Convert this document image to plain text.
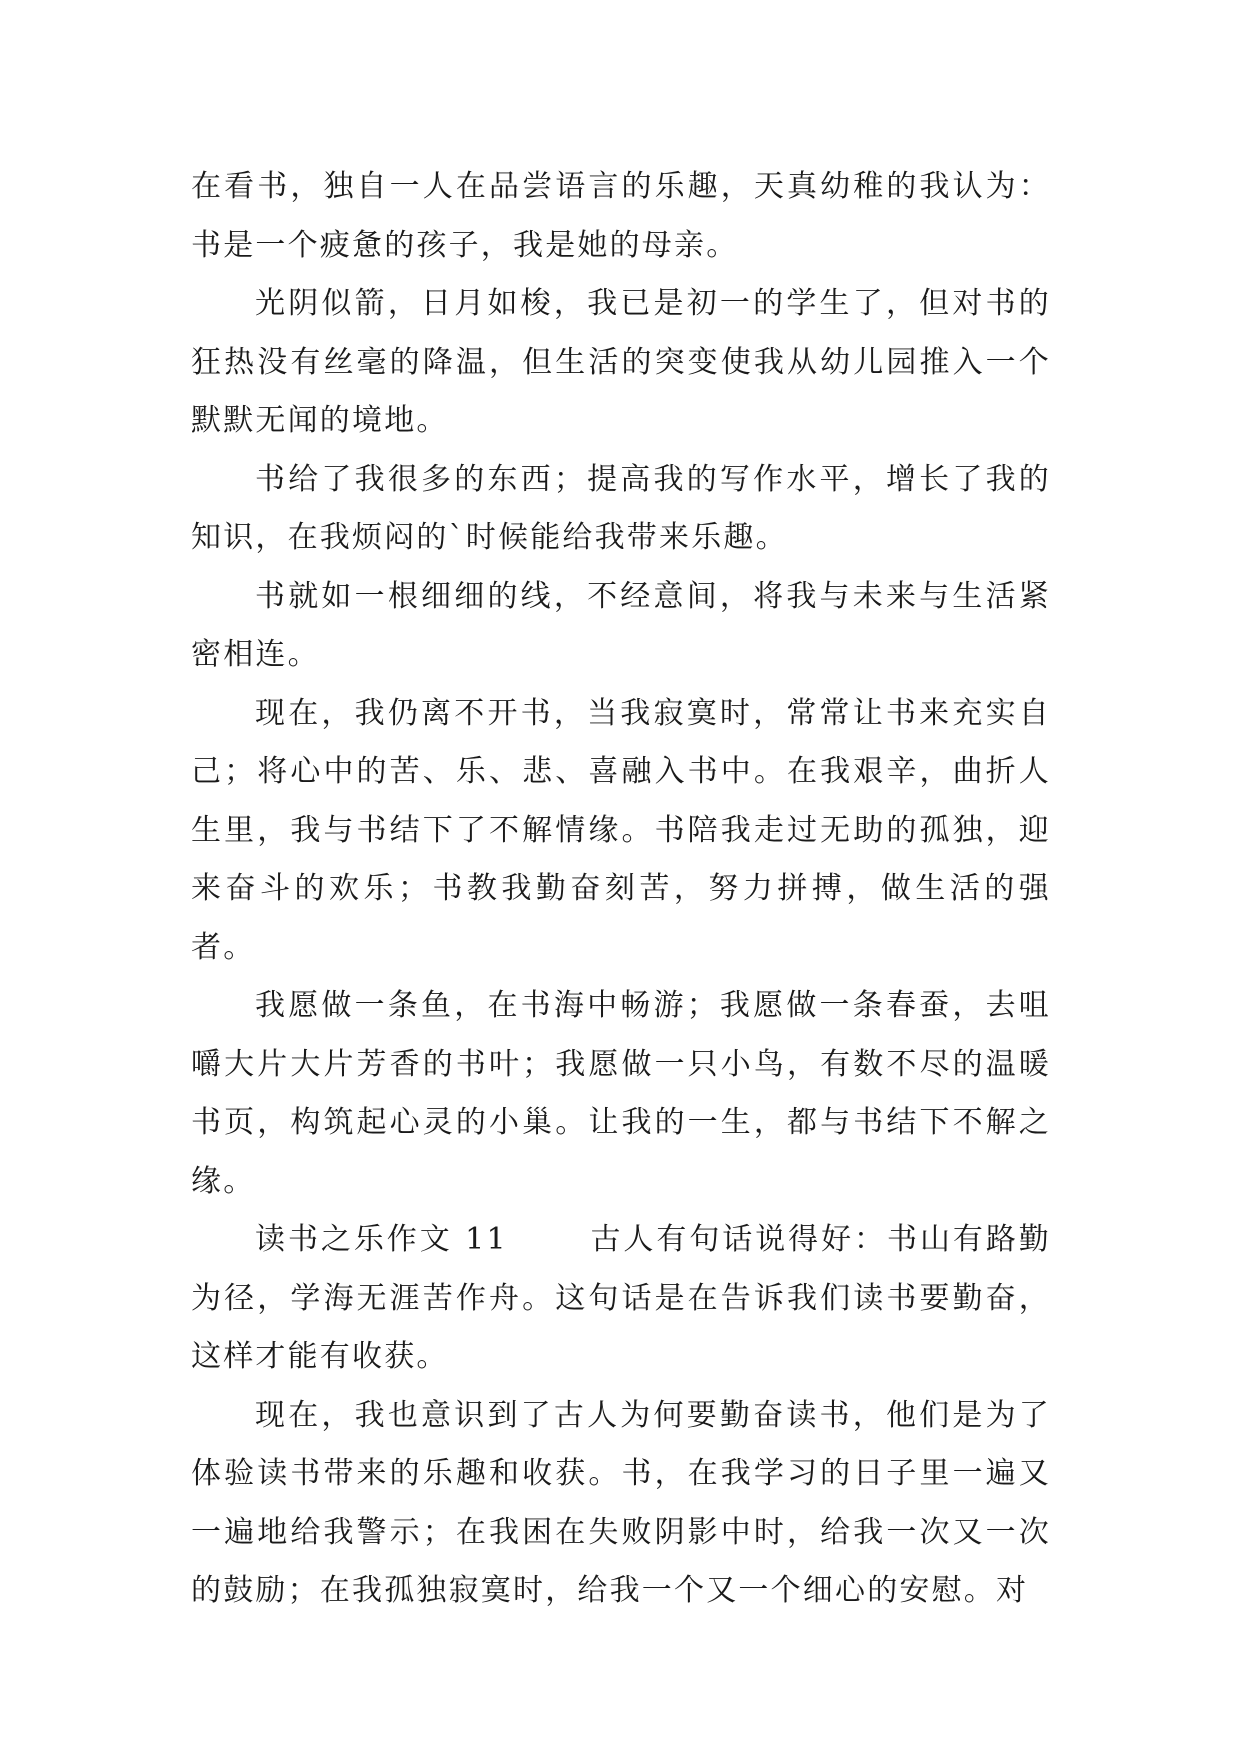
在看书，独自一人在品尝语言的乐趣，天真幼稚的我认为：书是一个疲惫的孩子，我是她的母亲。

光阴似箭，日月如梭，我已是初一的学生了，但对书的狂热没有丝毫的降温，但生活的突变使我从幼儿园推入一个默默无闻的境地。

书给了我很多的东西；提高我的写作水平，增长了我的知识，在我烦闷的`时候能给我带来乐趣。

书就如一根细细的线，不经意间，将我与未来与生活紧密相连。

现在，我仍离不开书，当我寂寞时，常常让书来充实自己；将心中的苦、乐、悲、喜融入书中。在我艰辛，曲折人生里，我与书结下了不解情缘。书陪我走过无助的孤独，迎来奋斗的欢乐；书教我勤奋刻苦，努力拼搏，做生活的强者。

我愿做一条鱼，在书海中畅游；我愿做一条春蚕，去咀嚼大片大片芳香的书叶；我愿做一只小鸟，有数不尽的温暖书页，构筑起心灵的小巢。让我的一生，都与书结下不解之缘。

读书之乐作文 11	古人有句话说得好：书山有路勤为径，学海无涯苦作舟。这句话是在告诉我们读书要勤奋，这样才能有收获。

现在，我也意识到了古人为何要勤奋读书，他们是为了体验读书带来的乐趣和收获。书，在我学习的日子里一遍又一遍地给我警示；在我困在失败阴影中时，给我一次又一次的鼓励；在我孤独寂寞时，给我一个又一个细心的安慰。对
